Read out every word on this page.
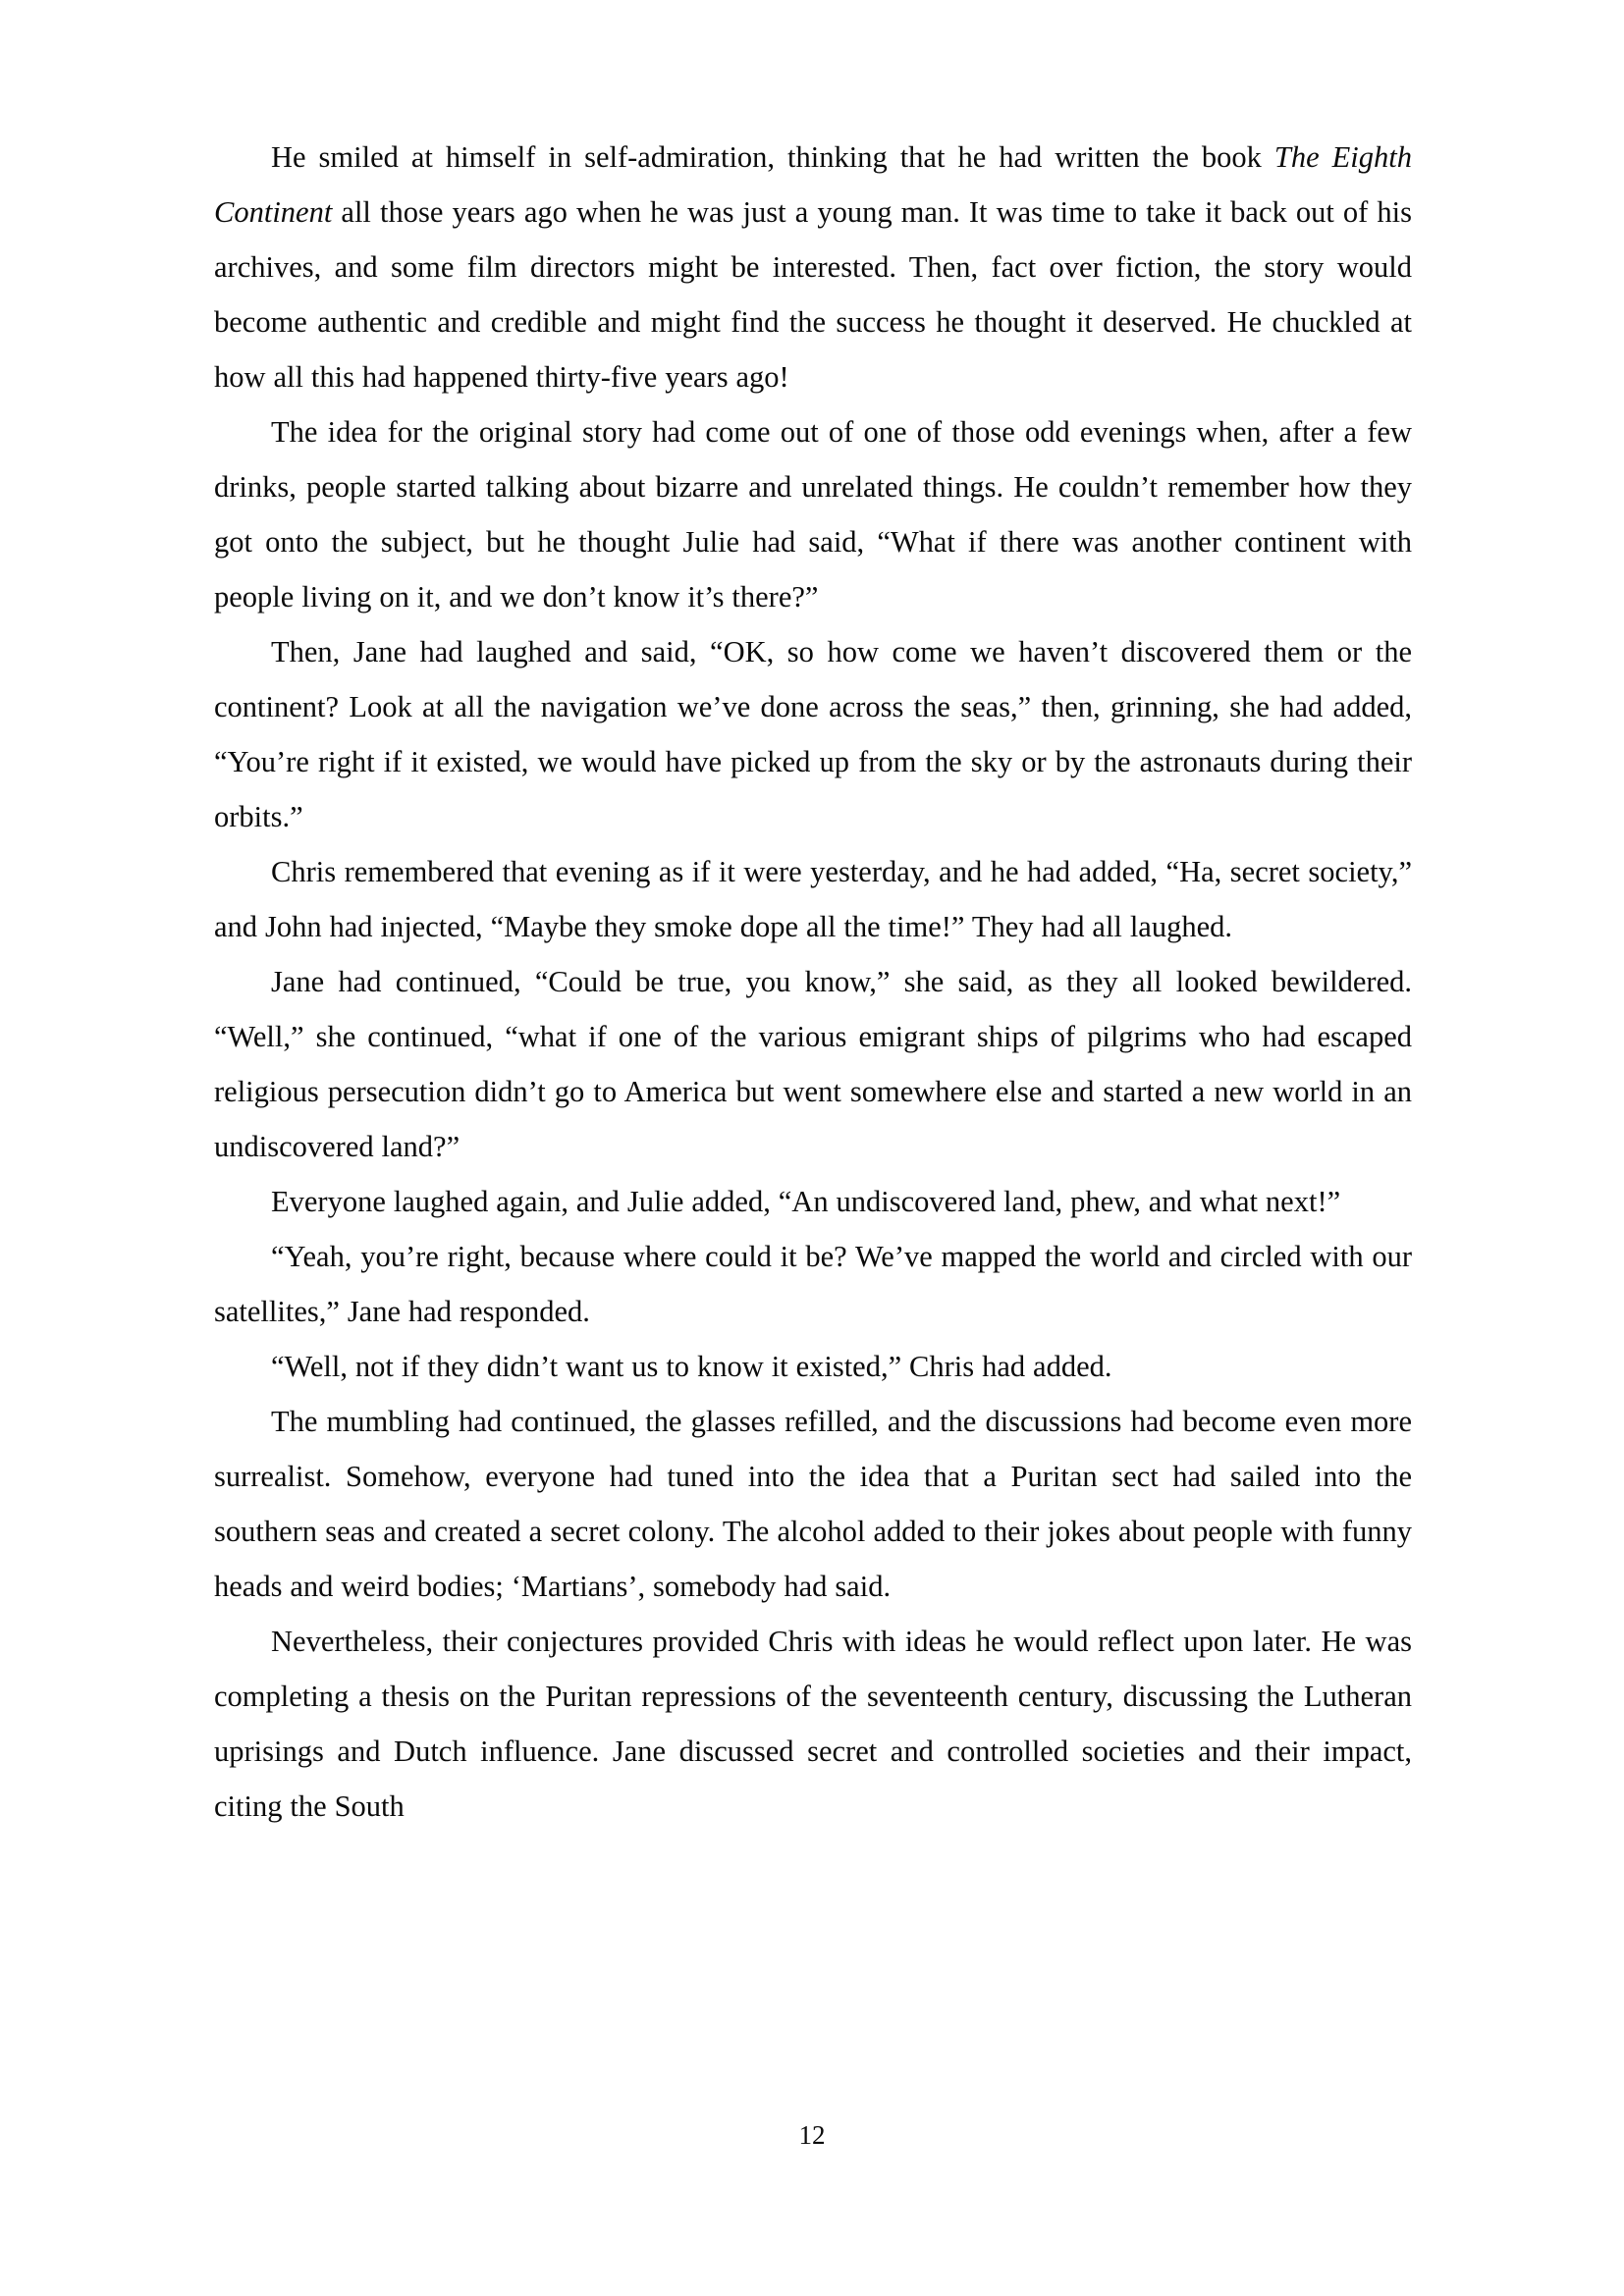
He smiled at himself in self-admiration, thinking that he had written the book The Eighth Continent all those years ago when he was just a young man. It was time to take it back out of his archives, and some film directors might be interested. Then, fact over fiction, the story would become authentic and credible and might find the success he thought it deserved. He chuckled at how all this had happened thirty-five years ago!

The idea for the original story had come out of one of those odd evenings when, after a few drinks, people started talking about bizarre and unrelated things. He couldn’t remember how they got onto the subject, but he thought Julie had said, “What if there was another continent with people living on it, and we don’t know it’s there?”

Then, Jane had laughed and said, “OK, so how come we haven’t discovered them or the continent? Look at all the navigation we’ve done across the seas,” then, grinning, she had added, “You’re right if it existed, we would have picked up from the sky or by the astronauts during their orbits.”

Chris remembered that evening as if it were yesterday, and he had added, “Ha, secret society,” and John had injected, “Maybe they smoke dope all the time!” They had all laughed.

Jane had continued, “Could be true, you know,” she said, as they all looked bewildered. “Well,” she continued, “what if one of the various emigrant ships of pilgrims who had escaped religious persecution didn’t go to America but went somewhere else and started a new world in an undiscovered land?”

Everyone laughed again, and Julie added, “An undiscovered land, phew, and what next!”

“Yeah, you’re right, because where could it be? We’ve mapped the world and circled with our satellites,” Jane had responded.

“Well, not if they didn’t want us to know it existed,” Chris had added.

The mumbling had continued, the glasses refilled, and the discussions had become even more surrealist. Somehow, everyone had tuned into the idea that a Puritan sect had sailed into the southern seas and created a secret colony. The alcohol added to their jokes about people with funny heads and weird bodies; ‘Martians’, somebody had said.

Nevertheless, their conjectures provided Chris with ideas he would reflect upon later. He was completing a thesis on the Puritan repressions of the seventeenth century, discussing the Lutheran uprisings and Dutch influence. Jane discussed secret and controlled societies and their impact, citing the South

12
